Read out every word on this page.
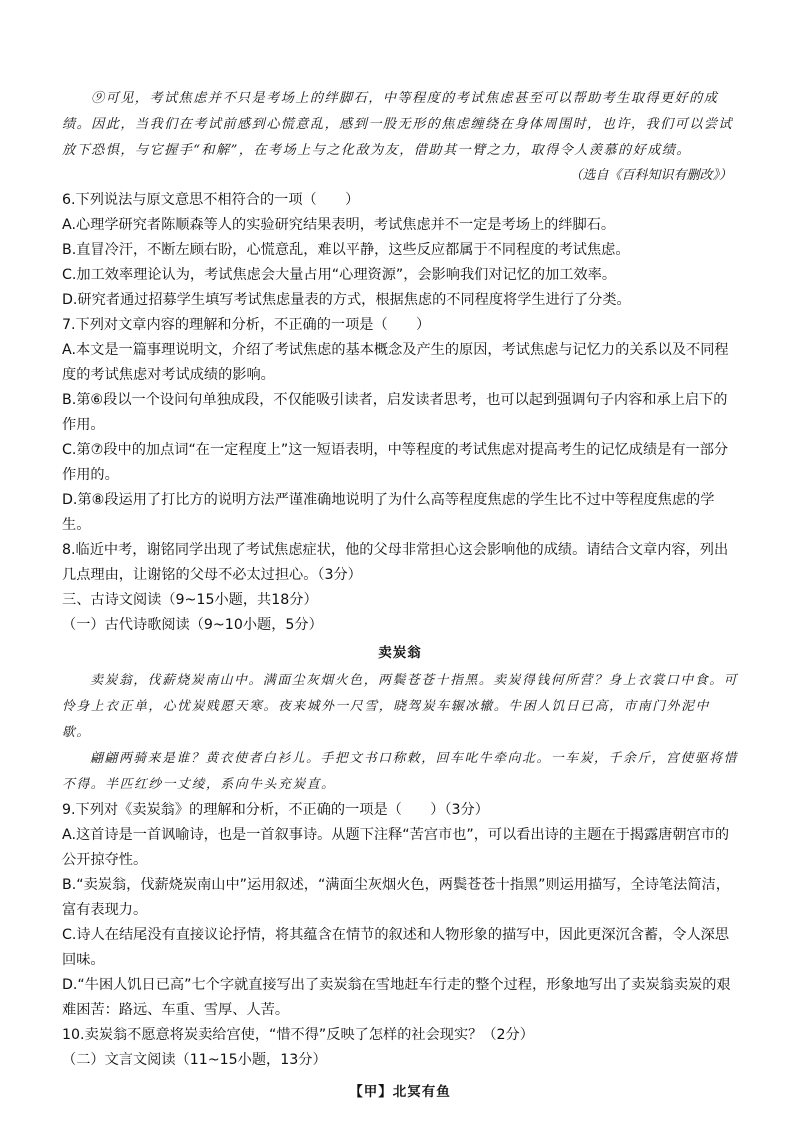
⑨可见，考试焦虑并不只是考场上的绊脚石，中等程度的考试焦虑甚至可以帮助考生取得更好的成绩。因此，当我们在考试前感到心慌意乱，感到一股无形的焦虑缠绕在身体周围时，也许，我们可以尝试放下恐惧，与它握手“和解”，在考场上与之化敌为友，借助其一臂之力，取得令人羡慕的好成绩。

（选自《百科知识有删改》）

6.下列说法与原文意思不相符合的一项（　　）

A.心理学研究者陈顺森等人的实验研究结果表明，考试焦虑并不一定是考场上的绊脚石。

B.直冒冷汗，不断左顾右盼，心慌意乱，难以平静，这些反应都属于不同程度的考试焦虑。

C.加工效率理论认为，考试焦虑会大量占用“心理资源”，会影响我们对记忆的加工效率。

D.研究者通过招募学生填写考试焦虑量表的方式，根据焦虑的不同程度将学生进行了分类。

7.下列对文章内容的理解和分析，不正确的一项是（　　）

A.本文是一篇事理说明文，介绍了考试焦虑的基本概念及产生的原因，考试焦虑与记忆力的关系以及不同程度的考试焦虑对考试成绩的影响。

B.第⑥段以一个设问句单独成段，不仅能吸引读者，启发读者思考，也可以起到强调句子内容和承上启下的作用。

C.第⑦段中的加点词“在一定程度上”这一短语表明，中等程度的考试焦虑对提高考生的记忆成绩是有一部分作用的。

D.第⑧段运用了打比方的说明方法严谨准确地说明了为什么高等程度焦虑的学生比不过中等程度焦虑的学生。

8.临近中考，谢铭同学出现了考试焦虑症状，他的父母非常担心这会影响他的成绩。请结合文章内容，列出几点理由，让谢铭的父母不必太过担心。（3分）

三、古诗文阅读（9~15小题，共18分）

（一）古代诗歌阅读（9~10小题，5分）

卖炭翁

卖炭翁，伐薪烧炭南山中。满面尘灰烟火色，两鬓苍苍十指黑。卖炭得钱何所营？身上衣裳口中食。可怜身上衣正单，心忧炭贱愿天寒。夜来城外一尺雪，晓驾炭车辗冰辙。牛困人饥日已高，市南门外泥中歇。

翩翩两骑来是谁？黄衣使者白衫儿。手把文书口称敕，回车叱牛牵向北。一车炭，千余斤，宫使驱将惜不得。半匹红纱一丈绫，系向牛头充炭直。

9.下列对《卖炭翁》的理解和分析，不正确的一项是（　　）（3分）

A.这首诗是一首讽喻诗，也是一首叙事诗。从题下注释“苦宫市也”，可以看出诗的主题在于揭露唐朝宫市的公开掠夺性。

B.“卖炭翁，伐薪烧炭南山中”运用叙述，“满面尘灰烟火色，两鬓苍苍十指黑”则运用描写，全诗笔法简洁，富有表现力。

C.诗人在结尾没有直接议论抒情，将其蕴含在情节的叙述和人物形象的描写中，因此更深沉含蓄，令人深思回味。

D.“牛困人饥日已高”七个字就直接写出了卖炭翁在雪地赶车行走的整个过程，形象地写出了卖炭翁卖炭的艰难困苦：路远、车重、雪厚、人苦。

10.卖炭翁不愿意将炭卖给宫使，“惜不得”反映了怎样的社会现实？（2分）

（二）文言文阅读（11~15小题，13分）

【甲】北冥有鱼
